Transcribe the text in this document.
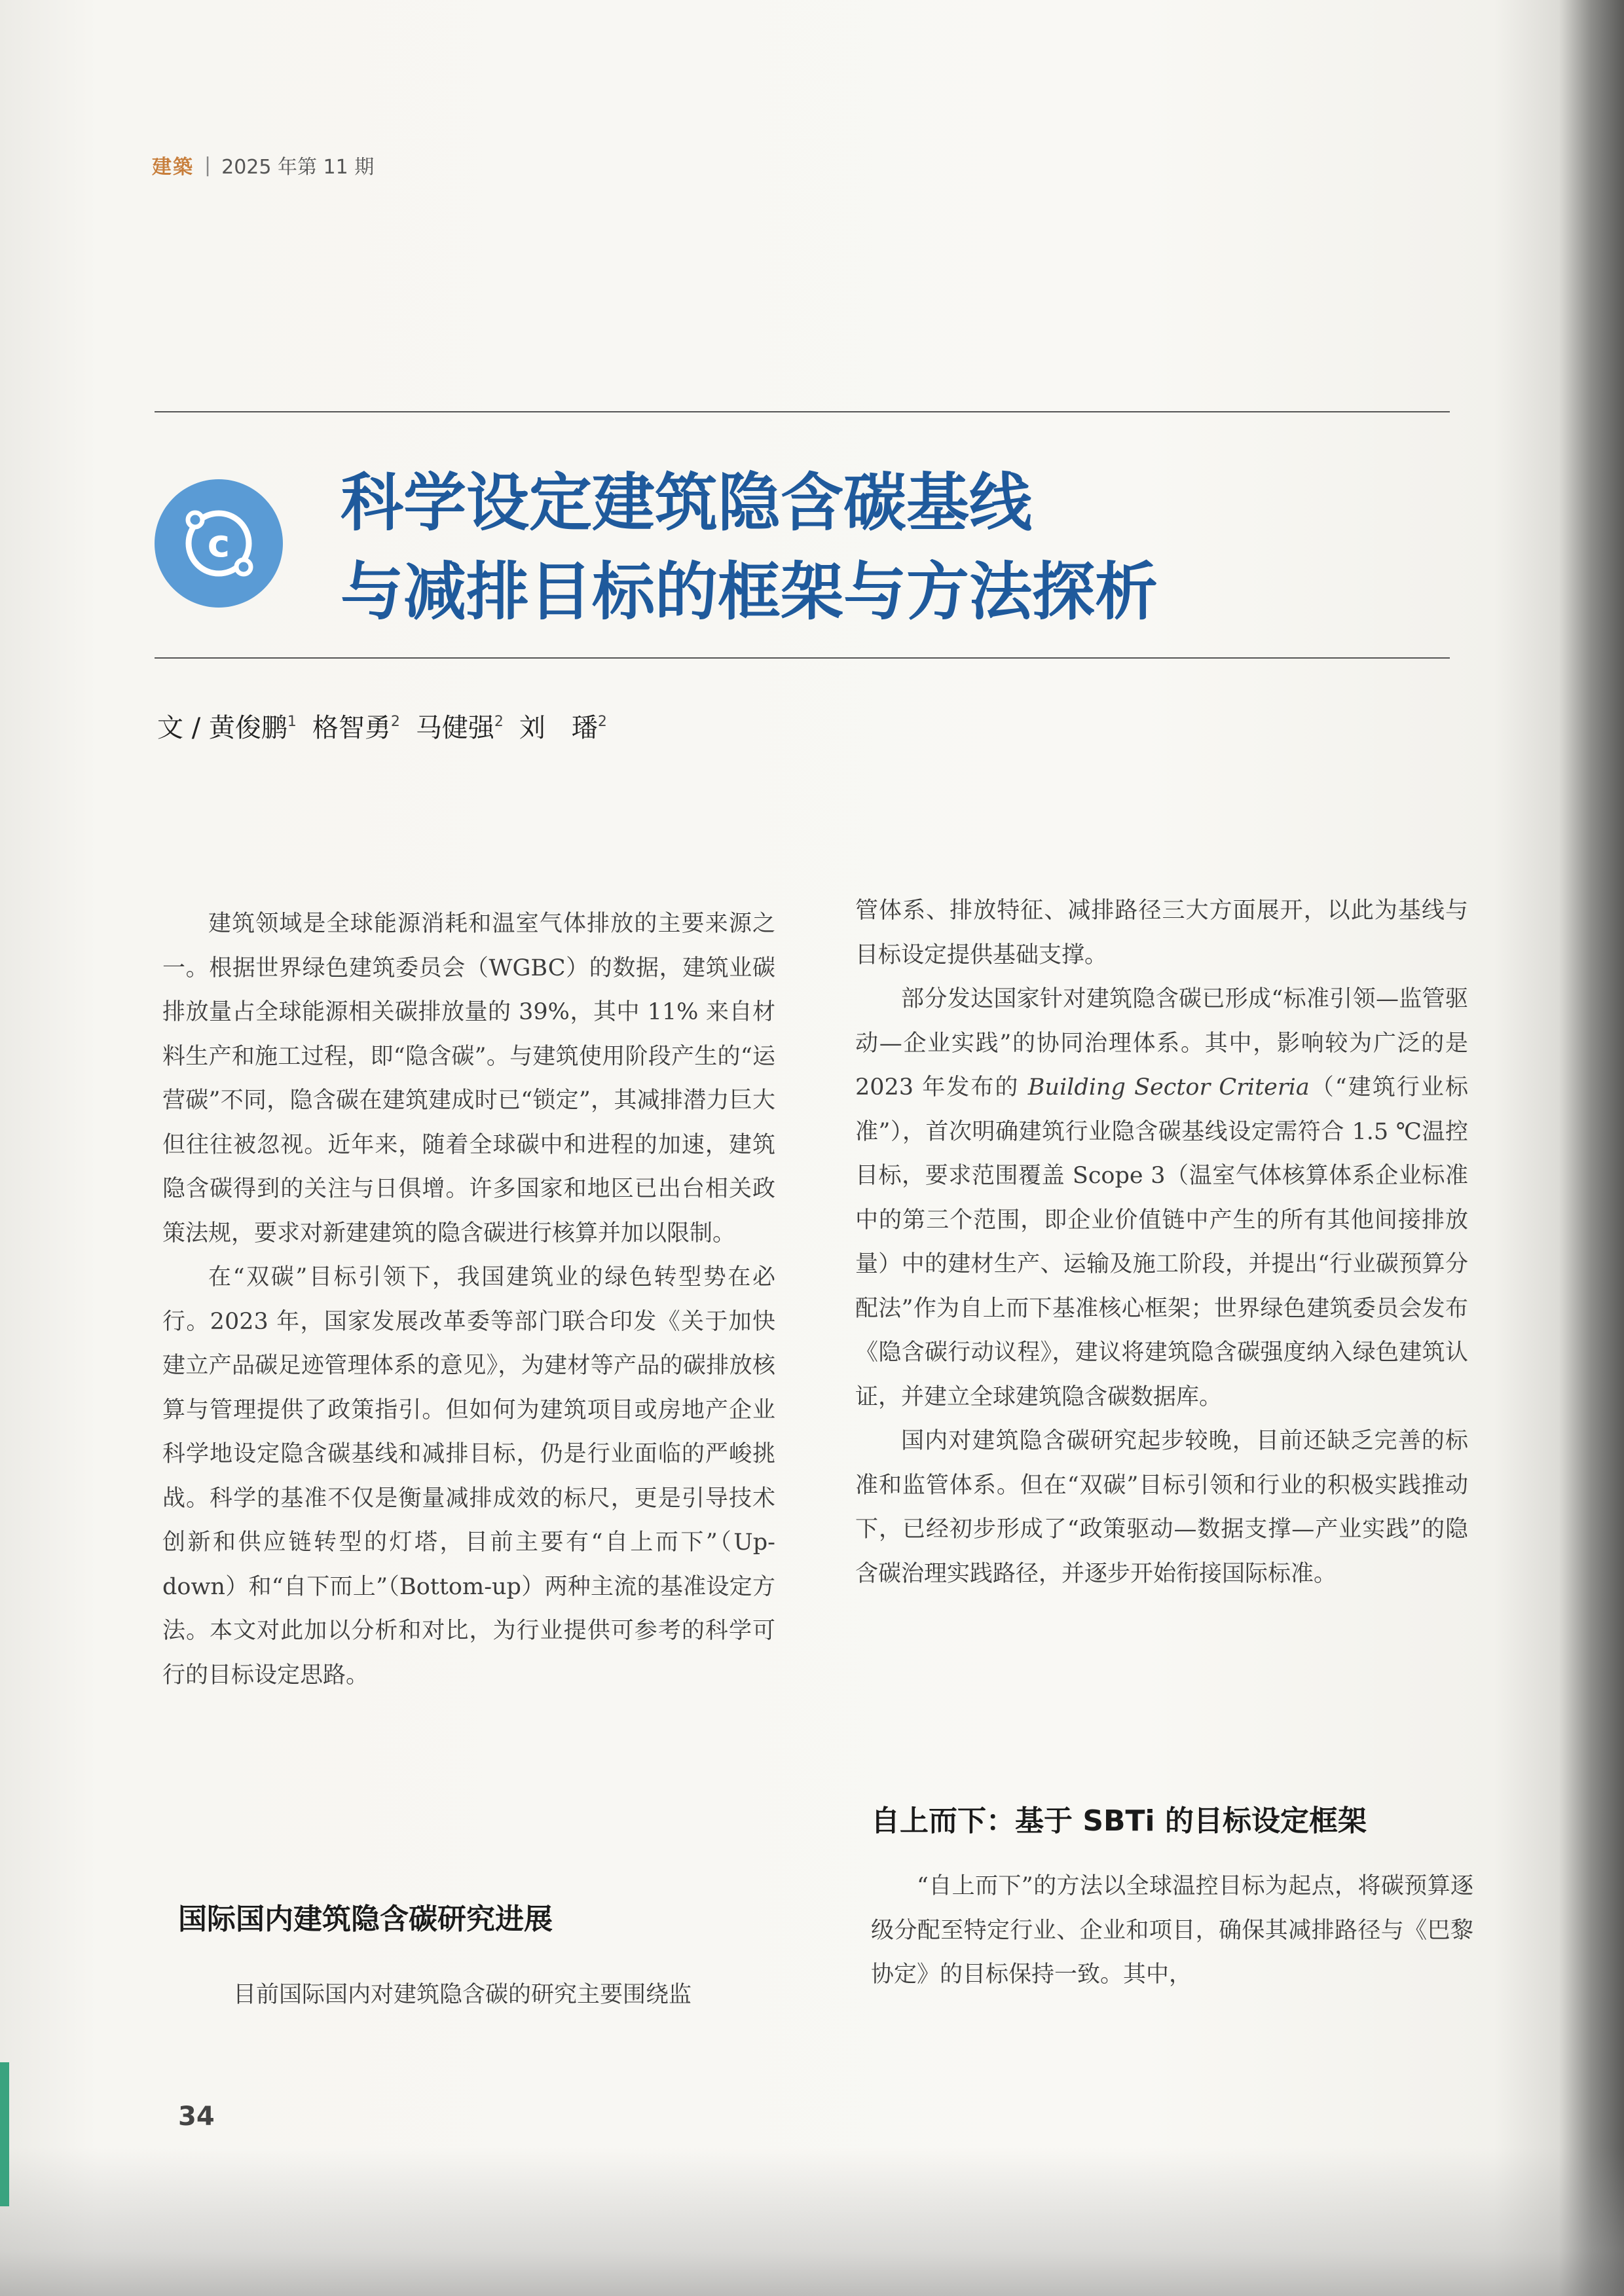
建築 | 2025 年第 11 期
c
科学设定建筑隐含碳基线
与减排目标的框架与方法探析
文 / 黄俊鹏$^1$ 格智勇$^2$ 马健强$^2$ 刘　璠$^2$

建筑领域是全球能源消耗和温室气体排放的主要来源之一。根据世界绿色建筑委员会（WGBC）的数据，建筑业碳排放量占全球能源相关碳排放量的 39%，其中 11% 来自材料生产和施工过程，即“隐含碳”。与建筑使用阶段产生的“运营碳”不同，隐含碳在建筑建成时已“锁定”，其减排潜力巨大但往往被忽视。近年来，随着全球碳中和进程的加速，建筑隐含碳得到的关注与日俱增。许多国家和地区已出台相关政策法规，要求对新建建筑的隐含碳进行核算并加以限制。

在“双碳”目标引领下，我国建筑业的绿色转型势在必行。2023 年，国家发展改革委等部门联合印发《关于加快建立产品碳足迹管理体系的意见》，为建材等产品的碳排放核算与管理提供了政策指引。但如何为建筑项目或房地产企业科学地设定隐含碳基线和减排目标，仍是行业面临的严峻挑战。科学的基准不仅是衡量减排成效的标尺，更是引导技术创新和供应链转型的灯塔，目前主要有“自上而下”（Up-down）和“自下而上”（Bottom-up）两种主流的基准设定方法。本文对此加以分析和对比，为行业提供可参考的科学可行的目标设定思路。

国际国内建筑隐含碳研究进展

目前国际国内对建筑隐含碳的研究主要围绕监

管体系、排放特征、减排路径三大方面展开，以此为基线与目标设定提供基础支撑。

部分发达国家针对建筑隐含碳已形成“标准引领—监管驱动—企业实践”的协同治理体系。其中，影响较为广泛的是 2023 年发布的 Building Sector Criteria（“建筑行业标准”），首次明确建筑行业隐含碳基线设定需符合 1.5 ℃温控目标，要求范围覆盖 Scope 3（温室气体核算体系企业标准中的第三个范围，即企业价值链中产生的所有其他间接排放量）中的建材生产、运输及施工阶段，并提出“行业碳预算分配法”作为自上而下基准核心框架；世界绿色建筑委员会发布《隐含碳行动议程》，建议将建筑隐含碳强度纳入绿色建筑认证，并建立全球建筑隐含碳数据库。

国内对建筑隐含碳研究起步较晚，目前还缺乏完善的标准和监管体系。但在“双碳”目标引领和行业的积极实践推动下，已经初步形成了“政策驱动—数据支撑—产业实践”的隐含碳治理实践路径，并逐步开始衔接国际标准。

自上而下：基于 SBTi 的目标设定框架

“自上而下”的方法以全球温控目标为起点，将碳预算逐级分配至特定行业、企业和项目，确保其减排路径与《巴黎协定》的目标保持一致。其中，

34
